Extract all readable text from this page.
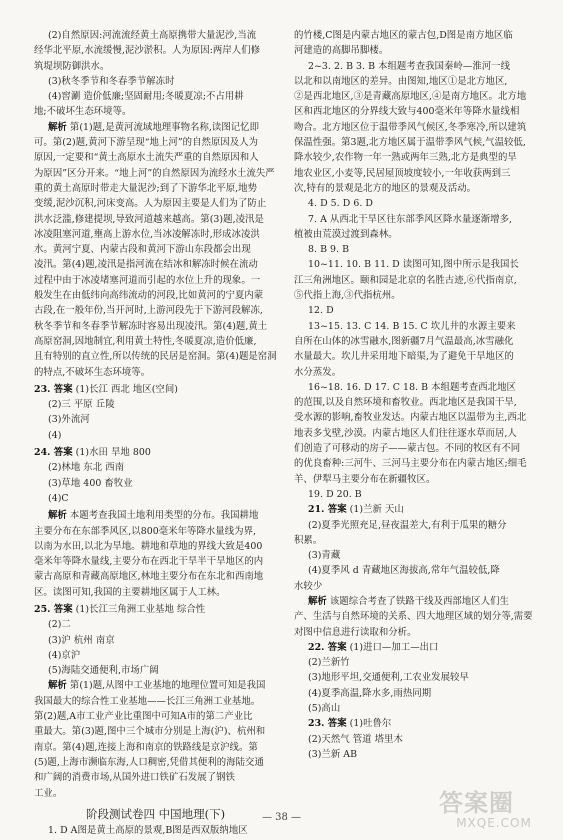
(2)自然原因:河流流经黄土高原携带大量泥沙,当流
经华北平原,水流缓慢,泥沙淤积。人为原因:两岸人们修
筑堤坝防御洪水。
(3)秋冬季节和冬春季节解冻时
(4)窖涮 造价低廉;坚固耐用;冬暖夏凉;不占用耕
地;不破坏生态环境等。
解析 第(1)题,是黄河流域地理事物名称,读图记忆即
可。第(2)题,黄河下游呈现“地上河”的自然原因及人为
原因,一定要和“黄土高原水土流失严重的自然原因和人
为原因”区分开来。“地上河”的自然原因为流经水土流失严
重的黄土高原时带走大量泥沙;到了下游华北平原,地势
变缓,泥沙沉积,河床变高。人为原因主要是人们为了防止
洪水泛滥,修建提坝,导致河道越来越高。第(3)题,凌汛是
冰凌阻塞河道,壅高上游水位,当冰凌解冻时,形成冰凌洪
水。黄河宁夏、内蒙古段和黄河下游山东段都会出现
凌汛。第(4)题,凌汛是指河流在结冰和解冻时候在流动
过程中由于冰凌堵塞河道而引起的水位上升的现象。一
般发生在由低纬向高纬流动的河段,比如黄河的宁夏内蒙
古段,在一般年份,当开河时,上游河段先于下游河段解冻,
秋冬季节和冬春季节解冻时容易出现凌汛。第(4)题,黄土
高原窑洞,因地制宜,利用黄土特性,冬暖夏凉,造价低廉,
且有特别的直立性,所以传统的民居是窑洞。第(4)题是窑洞
的特点,不破坏生态环境等。
23. 答案 (1)长江 西北 地区(空间)
(2)三 平原 丘陵
(3)外流河
(4)
24. 答案 (1)水田 旱地 800
(2)林地 东北 西南
(3)草地 400 畜牧业
(4)C
解析 本题考查我国土地利用类型的分布。我国耕地
主要分布在东部季风区,以800毫米年等降水量线为界,
以南为水田,以北为旱地。耕地和草地的界线大致是400
毫米年等降水量线,主要分布在西北干旱半干旱地区的内
蒙古高原和青藏高原地区,林地主要分布在东北和西南地
区。读图可知,我国的主要耕地区属于人工林。
25. 答案 (1)长江三角洲工业基地 综合性
(2)二
(3)沪 杭州 南京
(4)京沪
(5)海陆交通便利,市场广阔
解析 第(1)题,从图中工业基地的地理位置可知是我国
我国最大的综合性工业基地——长江三角洲工业基地。
第(2)题,A市工业产业比重图中可知A市的第二产业比
重最大。第(3)题,图中三个城市分别是上海(沪)、杭州和
南京。第(4)题,连接上海和南京的铁路线是京沪线。第
(5)题,上海市濒临东海,人口稠密,凭借其便利的海陆交通
和广阔的消费市场,从国外进口铁矿石发展了钢铁
工业。
阶段测试卷四 中国地理(下)
1. D A图是黄土高原的景观,B图是西双版纳地区
的竹楼,C图是内蒙古地区的蒙古包,D图是南方地区临
河建造的高脚吊脚楼。
2~3. 2. B 3. B 本组题考查我国秦岭—淮河一线
以北和以南地区的差异。由图知,地区①是北方地区,
②是西北地区,③是青藏高原地区,④是南方地区。北方地
区和西北地区的分界线大致与400毫米年等降水量线相
吻合。北方地区位于温带季风气候区,冬季寒冷,所以建筑
保温性强。第3题,北方地区属于温带季风气候,气温较低,
降水较少,农作物一年一熟或两年三熟,北方是典型的旱
地农业区,小麦等,民居屋顶坡度较小,一年收获两到三
次,特有的景观是北方的地区的景观及活动。
4. D 5. D 6. D
7. A 从西北干旱区往东部季风区降水量逐渐增多,
植被由荒漠过渡到森林。
8. B 9. B
10~11. 10. B 11. D 读图可知,图中所示是我国长
江三角洲地区。颐和园是北京的名胜古迹,⑥代指南京,
⑤代指上海,③代指杭州。
12. D
13~15. 13. C 14. B 15. C 坎儿井的水源主要来
自所在山体的冰雪融水,图新疆7月气温最高,冰雪融化
水量最大。坎儿井采用地下暗渠,为了避免干旱地区的
水分蒸发。
16~18. 16. D 17. C 18. B 本组题考查西北地区
的范围,以及自然环境和畜牧业。西北地区是我国干旱,
受水源的影响,畜牧业发达。内蒙古地区以温带为主,西北
地表多戈壁,沙漠。内蒙古地区人们往往逐水草而居,人
们创造了可移动的房子——蒙古包。不同的牧区有不同
的优良畜种:三河牛、三河马主要分布在内蒙古地区;细毛
羊、伊犁马主要分布在新疆牧区。
19. D 20. B
21. 答案 (1)兰新 天山
(2)夏季光照充足,昼夜温差大,有利于瓜果的糖分
积累。
(3)青藏
(4)夏季风 d 青藏地区海拔高,常年气温较低,降
水较少
解析 该题综合考查了铁路干线及西部地区人们生
产、生活与自然环境的关系、四大地理区域的划分等,需要
对图中信息进行读取和分析。
22. 答案 (1)进口—加工—出口
(2)兰新竹
(3)地形平坦,交通便利,工农业发展较早
(4)夏季高温,降水多,雨热同期
(5)高山
23. 答案 (1)吐鲁尔
(2)天然气 管道 塔里木
(3)兰新 AB
— 38 —
答案圈
MXQE.COM
